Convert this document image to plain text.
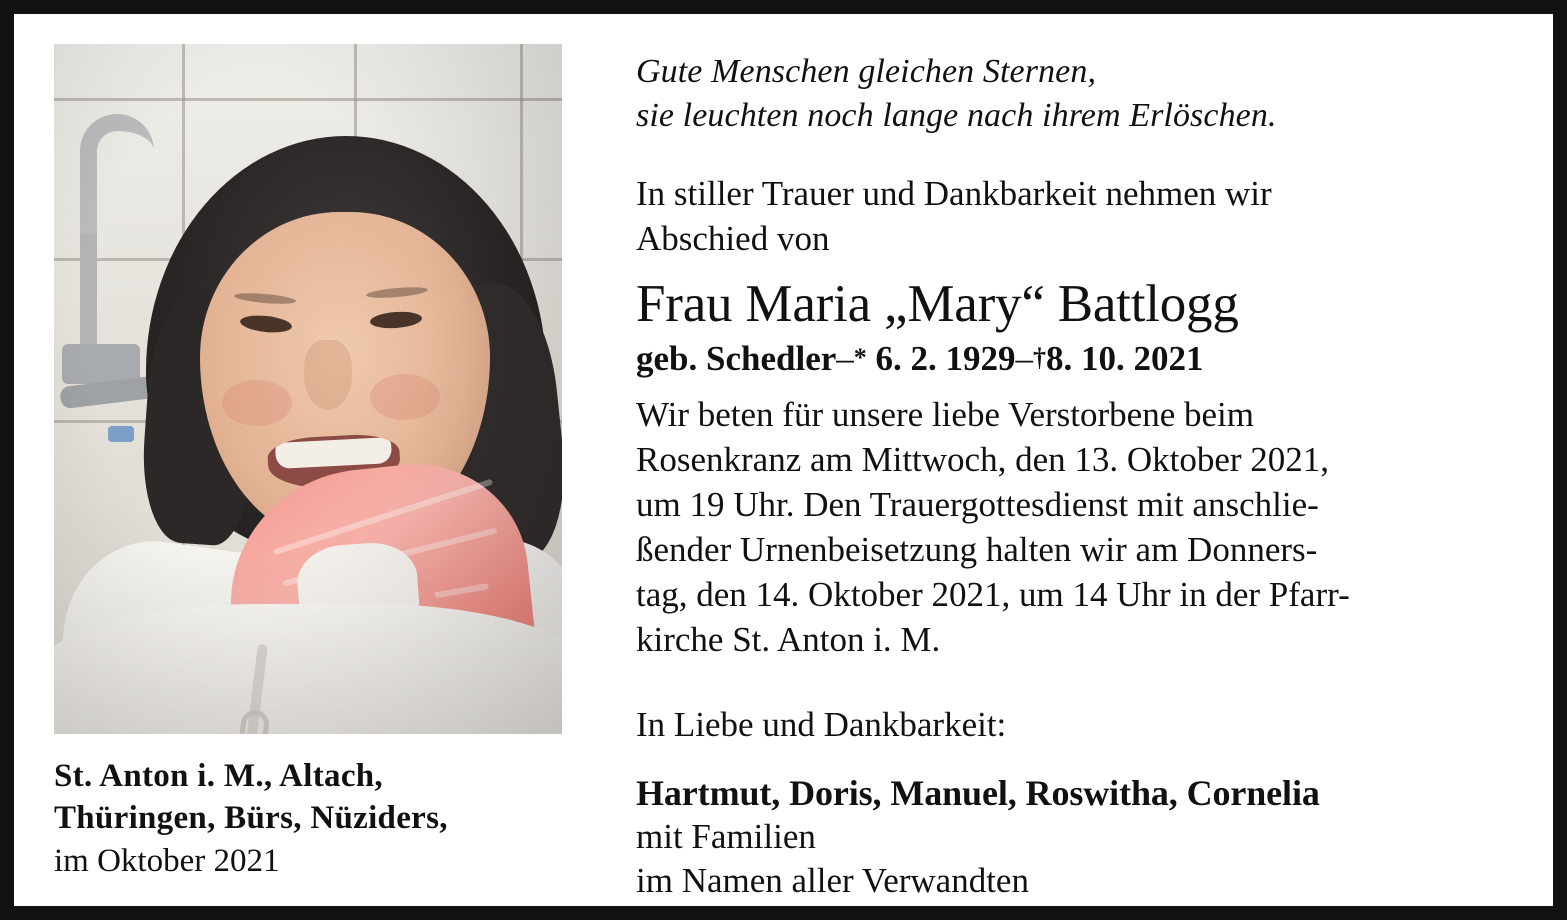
St. Anton i. M., Altach,
Thüringen, Bürs, Nüziders,
im Oktober 2021
Gute Menschen gleichen Sternen,
sie leuchten noch lange nach ihrem Erlöschen.
In stiller Trauer und Dankbarkeit nehmen wir
Abschied von
Frau Maria „Mary“ Battlogg
geb. Schedler–* 6. 2. 1929–†8. 10. 2021
Wir beten für unsere liebe Verstorbene beim
Rosenkranz am Mittwoch, den 13. Oktober 2021,
um 19 Uhr. Den Trauergottesdienst mit anschlie-
ßender Urnenbeisetzung halten wir am Donners-
tag, den 14. Oktober 2021, um 14 Uhr in der Pfarr-
kirche St. Anton i. M.
In Liebe und Dankbarkeit:
Hartmut, Doris, Manuel, Roswitha, Cornelia
mit Familien
im Namen aller Verwandten
